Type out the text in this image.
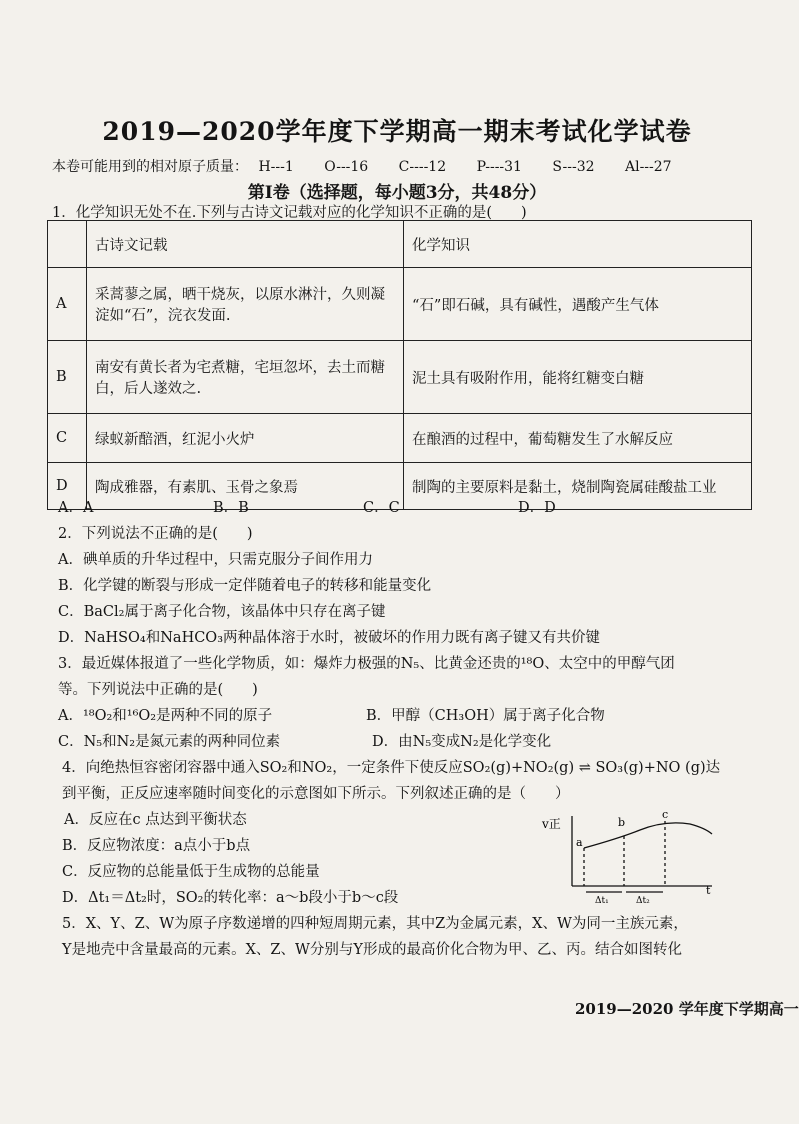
2019—2020学年度下学期高一期末考试化学试卷
本卷可能用到的相对原子质量： H---1 O---16 C----12 P----31 S---32 Al---27
第Ⅰ卷（选择题，每小题3分，共48分）
1．化学知识无处不在.下列与古诗文记载对应的化学知识不正确的是(　　)
	古诗文记载	化学知识
A	采蒿蓼之属，晒干烧灰，以原水淋汁，久则凝淀如“石”，浣衣发面.	“石”即石碱，具有碱性，遇酸产生气体
B	南安有黄长者为宅煮糖，宅垣忽坏，去土而糖白，后人遂效之.	泥土具有吸附作用，能将红糖变白糖
C	绿蚁新醅酒，红泥小火炉	在酿酒的过程中，葡萄糖发生了水解反应
D	陶成雅器，有素肌、玉骨之象焉	制陶的主要原料是黏土，烧制陶瓷属硅酸盐工业
A．A	B．B	C．C	D．D
2．下列说法不正确的是(　　)
A．碘单质的升华过程中，只需克服分子间作用力
B．化学键的断裂与形成一定伴随着电子的转移和能量变化
C．BaCl₂属于离子化合物，该晶体中只存在离子键
D．NaHSO₄和NaHCO₃两种晶体溶于水时，被破坏的作用力既有离子键又有共价键
3．最近媒体报道了一些化学物质，如：爆炸力极强的N₅、比黄金还贵的¹⁸O、太空中的甲醇气团
等。下列说法中正确的是(　　)
A．¹⁸O₂和¹⁶O₂是两种不同的原子	B．甲醇（CH₃OH）属于离子化合物
C．N₅和N₂是氮元素的两种同位素	D．由N₅变成N₂是化学变化
4．向绝热恒容密闭容器中通入SO₂和NO₂，一定条件下使反应SO₂(g)+NO₂(g) ⇌ SO₃(g)+NO (g)达
到平衡，正反应速率随时间变化的示意图如下所示。下列叙述正确的是（　　）
A．反应在c 点达到平衡状态
B．反应物浓度：a点小于b点
C．反应物的总能量低于生成物的总能量
D．Δt₁＝Δt₂时，SO₂的转化率：a～b段小于b～c段
v正
t
a
b
c
Δt₁	Δt₂
5．X、Y、Z、W为原子序数递增的四种短周期元素，其中Z为金属元素，X、W为同一主族元素，
Y是地壳中含量最高的元素。X、Z、W分别与Y形成的最高价化合物为甲、乙、丙。结合如图转化
2019—2020 学年度下学期高一
